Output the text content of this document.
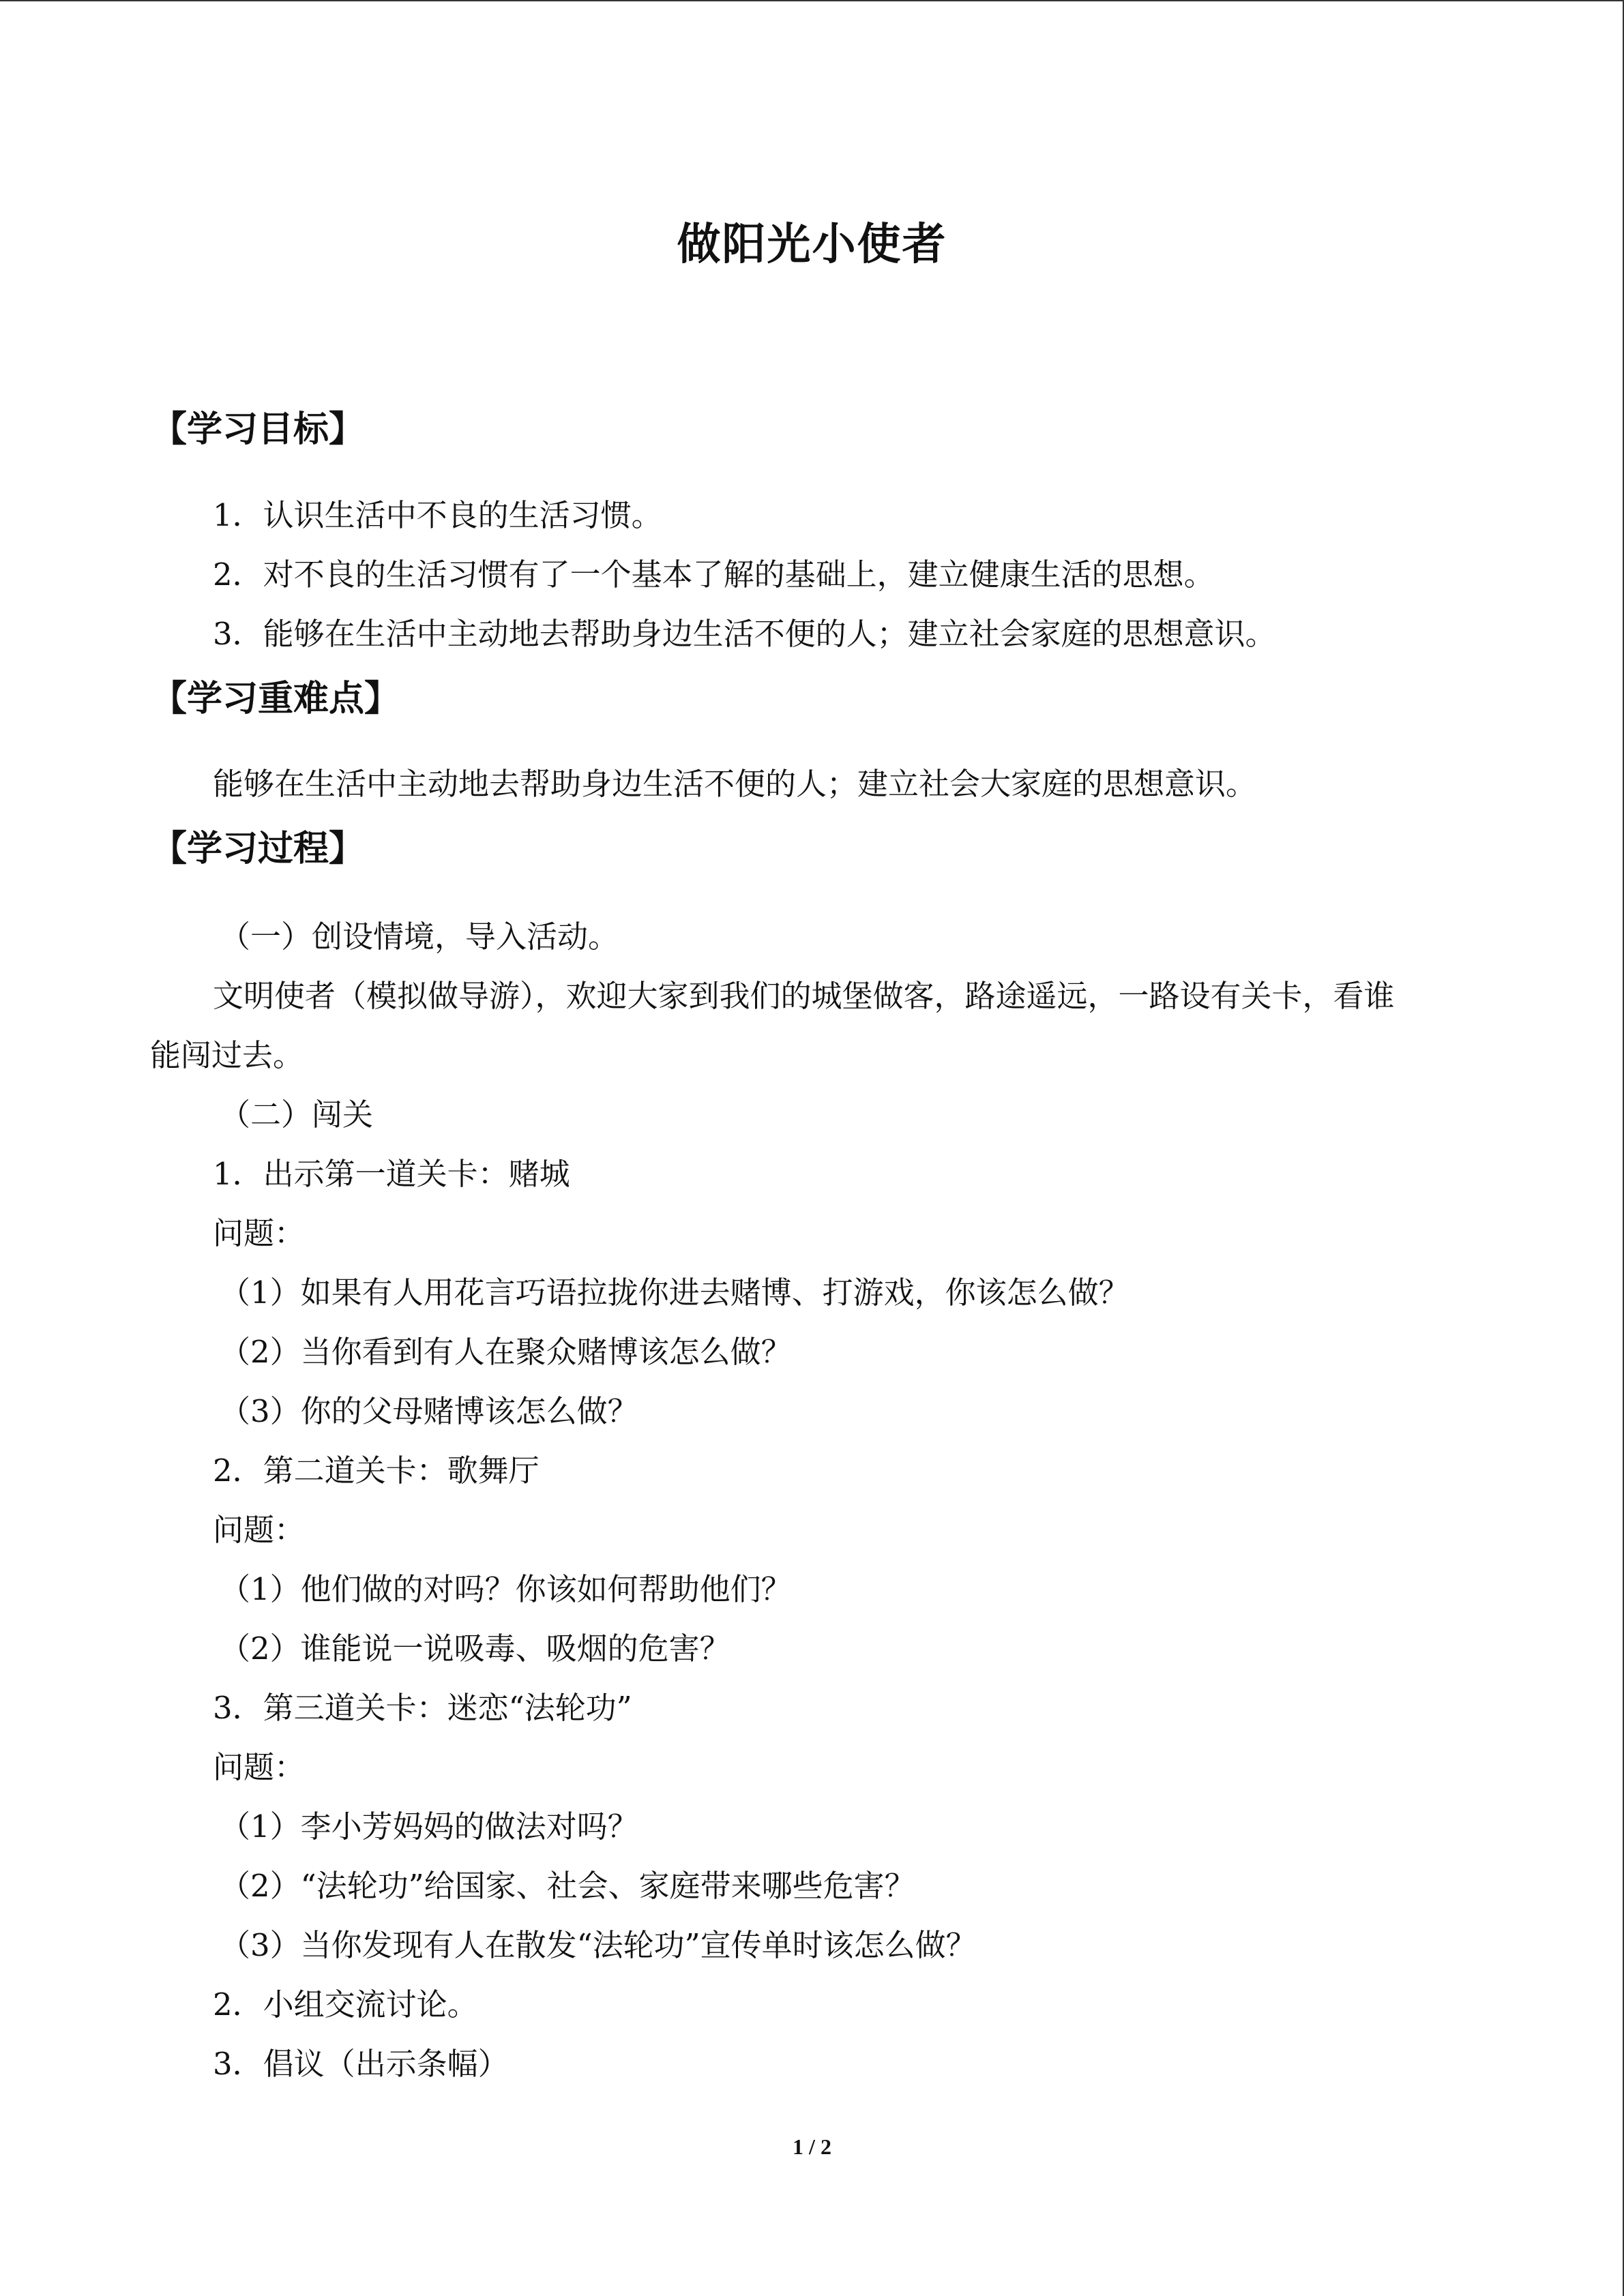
做阳光小使者
【学习目标】
1．认识生活中不良的生活习惯。
2．对不良的生活习惯有了一个基本了解的基础上，建立健康生活的思想。
3．能够在生活中主动地去帮助身边生活不便的人；建立社会家庭的思想意识。
【学习重难点】
能够在生活中主动地去帮助身边生活不便的人；建立社会大家庭的思想意识。
【学习过程】
（一）创设情境，导入活动。
文明使者（模拟做导游），欢迎大家到我们的城堡做客，路途遥远，一路设有关卡，看谁
能闯过去。
（二）闯关
1．出示第一道关卡：赌城
问题：
（1）如果有人用花言巧语拉拢你进去赌博、打游戏，你该怎么做？
（2）当你看到有人在聚众赌博该怎么做？
（3）你的父母赌博该怎么做？
2．第二道关卡：歌舞厅
问题：
（1）他们做的对吗？你该如何帮助他们？
（2）谁能说一说吸毒、吸烟的危害？
3．第三道关卡：迷恋“法轮功”
问题：
（1）李小芳妈妈的做法对吗？
（2）“法轮功”给国家、社会、家庭带来哪些危害？
（3）当你发现有人在散发“法轮功”宣传单时该怎么做？
2．小组交流讨论。
3．倡议（出示条幅）
1 / 2
